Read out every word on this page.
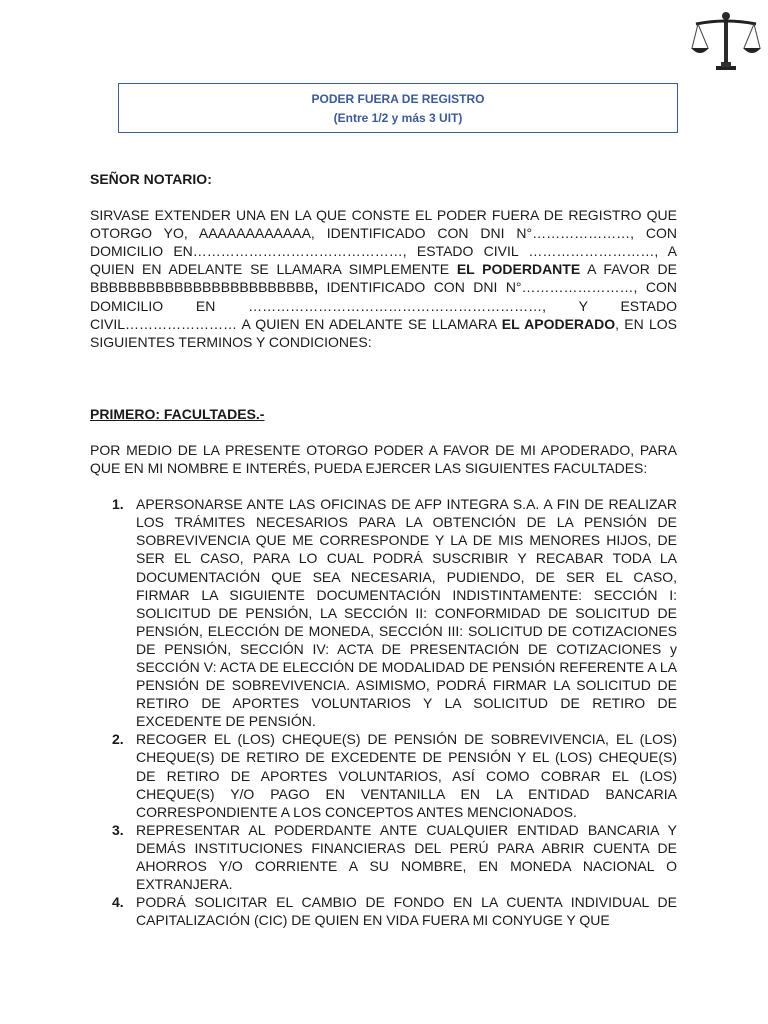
PODER FUERA DE REGISTRO
(Entre 1/2 y más 3 UIT)

SEÑOR NOTARIO:

SIRVASE EXTENDER UNA EN LA QUE CONSTE EL PODER FUERA DE REGISTRO QUE OTORGO YO, AAAAAAAAAAAA, IDENTIFICADO CON DNI N°…………………, CON DOMICILIO EN………………………………………, ESTADO CIVIL ………………………, A QUIEN EN ADELANTE SE LLAMARA SIMPLEMENTE EL PODERDANTE A FAVOR DE BBBBBBBBBBBBBBBBBBBBBBBB, IDENTIFICADO CON DNI N°……………………, CON DOMICILIO EN ………………………………………………………, Y ESTADO CIVIL…………………… A QUIEN EN ADELANTE SE LLAMARA EL APODERADO, EN LOS SIGUIENTES TERMINOS Y CONDICIONES:

PRIMERO: FACULTADES.-

POR MEDIO DE LA PRESENTE OTORGO PODER A FAVOR DE MI APODERADO, PARA QUE EN MI NOMBRE E INTERÉS, PUEDA EJERCER LAS SIGUIENTES FACULTADES:

1. APERSONARSE ANTE LAS OFICINAS DE AFP INTEGRA S.A. A FIN DE REALIZAR LOS TRÁMITES NECESARIOS PARA LA OBTENCIÓN DE LA PENSIÓN DE SOBREVIVENCIA QUE ME CORRESPONDE Y LA DE MIS MENORES HIJOS, DE SER EL CASO, PARA LO CUAL PODRÁ SUSCRIBIR Y RECABAR TODA LA DOCUMENTACIÓN QUE SEA NECESARIA, PUDIENDO, DE SER EL CASO, FIRMAR LA SIGUIENTE DOCUMENTACIÓN INDISTINTAMENTE: SECCIÓN I: SOLICITUD DE PENSIÓN, LA SECCIÓN II: CONFORMIDAD DE SOLICITUD DE PENSIÓN, ELECCIÓN DE MONEDA, SECCIÓN III: SOLICITUD DE COTIZACIONES DE PENSIÓN, SECCIÓN IV: ACTA DE PRESENTACIÓN DE COTIZACIONES y SECCIÓN V: ACTA DE ELECCIÓN DE MODALIDAD DE PENSIÓN REFERENTE A LA PENSIÓN DE SOBREVIVENCIA. ASIMISMO, PODRÁ FIRMAR LA SOLICITUD DE RETIRO DE APORTES VOLUNTARIOS Y LA SOLICITUD DE RETIRO DE EXCEDENTE DE PENSIÓN.
2. RECOGER EL (LOS) CHEQUE(S) DE PENSIÓN DE SOBREVIVENCIA, EL (LOS) CHEQUE(S) DE RETIRO DE EXCEDENTE DE PENSIÓN Y EL (LOS) CHEQUE(S) DE RETIRO DE APORTES VOLUNTARIOS, ASÍ COMO COBRAR EL (LOS) CHEQUE(S) Y/O PAGO EN VENTANILLA EN LA ENTIDAD BANCARIA CORRESPONDIENTE A LOS CONCEPTOS ANTES MENCIONADOS.
3. REPRESENTAR AL PODERDANTE ANTE CUALQUIER ENTIDAD BANCARIA Y DEMÁS INSTITUCIONES FINANCIERAS DEL PERÚ PARA ABRIR CUENTA DE AHORROS Y/O CORRIENTE A SU NOMBRE, EN MONEDA NACIONAL O EXTRANJERA.
4. PODRÁ SOLICITAR EL CAMBIO DE FONDO EN LA CUENTA INDIVIDUAL DE CAPITALIZACIÓN (CIC) DE QUIEN EN VIDA FUERA MI CONYUGE Y QUE
